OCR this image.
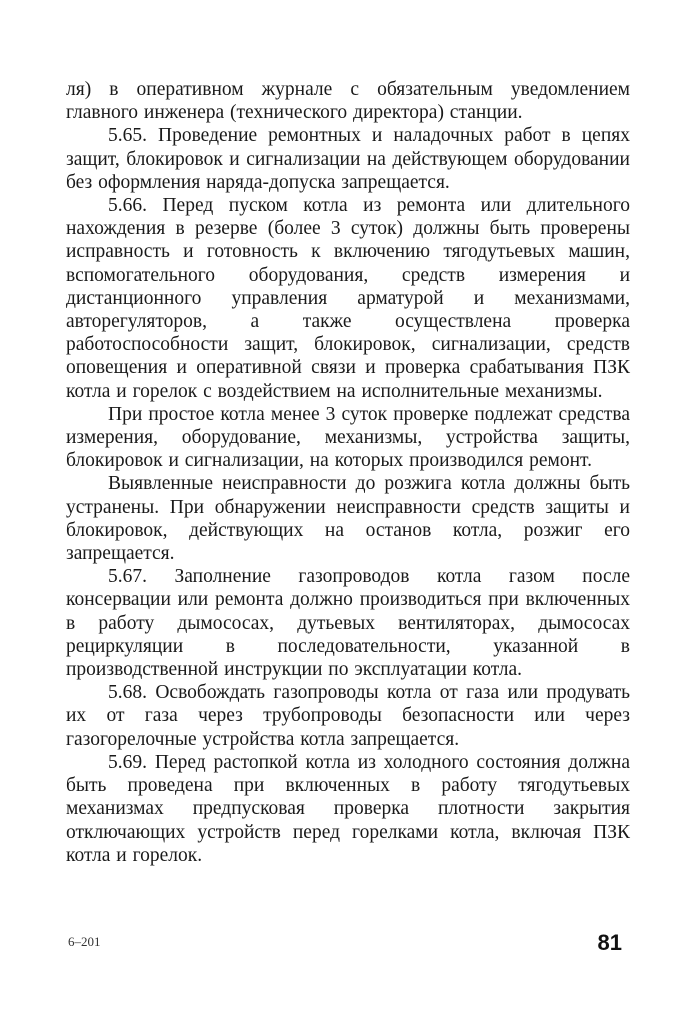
ля) в оперативном журнале с обязательным уведомлением главного инженера (технического директора) станции.

5.65. Проведение ремонтных и наладочных работ в цепях защит, блокировок и сигнализации на действующем оборудовании без оформления наряда-допуска запрещается.

5.66. Перед пуском котла из ремонта или длительного нахождения в резерве (более 3 суток) должны быть проверены исправность и готовность к включению тягодутьевых машин, вспомогательного оборудования, средств измерения и дистанционного управления арматурой и механизмами, авторегуляторов, а также осуществлена проверка работоспособности защит, блокировок, сигнализации, средств оповещения и оперативной связи и проверка срабатывания ПЗК котла и горелок с воздействием на исполнительные механизмы.

При простое котла менее 3 суток проверке подлежат средства измерения, оборудование, механизмы, устройства защиты, блокировок и сигнализации, на которых производился ремонт.

Выявленные неисправности до розжига котла должны быть устранены. При обнаружении неисправности средств защиты и блокировок, действующих на останов котла, розжиг его запрещается.

5.67. Заполнение газопроводов котла газом после консервации или ремонта должно производиться при включенных в работу дымососах, дутьевых вентиляторах, дымососах рециркуляции в последовательности, указанной в производственной инструкции по эксплуатации котла.

5.68. Освобождать газопроводы котла от газа или продувать их от газа через трубопроводы безопасности или через газогорелочные устройства котла запрещается.

5.69. Перед растопкой котла из холодного состояния должна быть проведена при включенных в работу тягодутьевых механизмах предпусковая проверка плотности закрытия отключающих устройств перед горелками котла, включая ПЗК котла и горелок.

6–201	81
